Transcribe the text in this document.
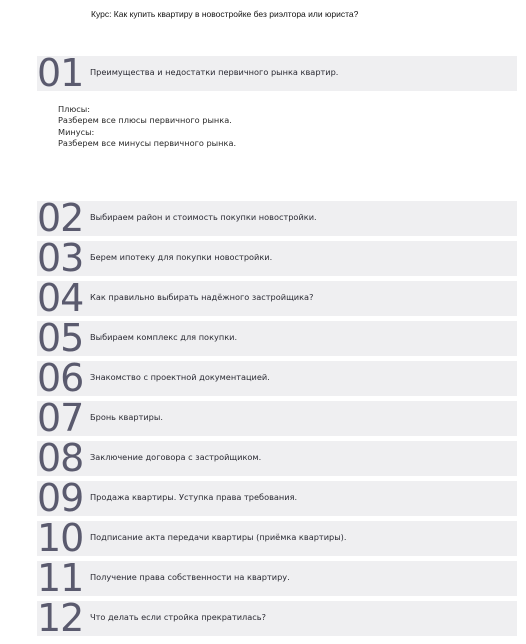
Курс: Как купить квартиру в новостройке без риэлтора или юриста?
01 Преимущества и недостатки первичного рынка квартир.
Плюсы:
Разберем все плюсы первичного рынка.
Минусы:
Разберем все минусы первичного рынка.
02 Выбираем район и стоимость покупки новостройки.
03 Берем ипотеку для покупки новостройки.
04 Как правильно выбирать надёжного застройщика?
05 Выбираем комплекс для покупки.
06 Знакомство с проектной документацией.
07 Бронь квартиры.
08 Заключение договора с застройщиком.
09 Продажа квартиры. Уступка права требования.
10 Подписание акта передачи квартиры (приёмка квартиры).
11 Получение права собственности на квартиру.
12 Что делать если стройка прекратилась?
